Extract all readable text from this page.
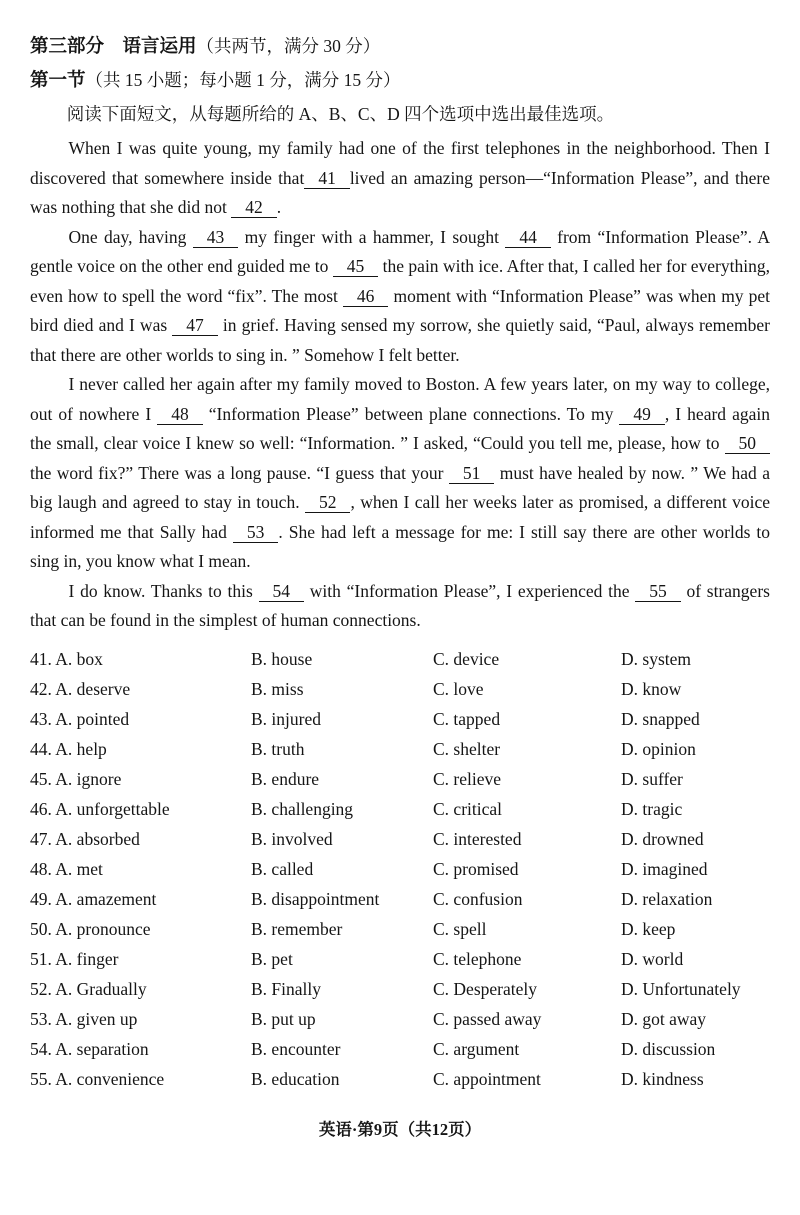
第三部分　语言运用（共两节，满分 30 分）
第一节（共 15 小题；每小题 1 分，满分 15 分）

阅读下面短文，从每题所给的 A、B、C、D 四个选项中选出最佳选项。

When I was quite young, my family had one of the first telephones in the neighborhood. Then I discovered that somewhere inside that 41 lived an amazing person—“Information Please”, and there was nothing that she did not 42 .

One day, having 43 my finger with a hammer, I sought 44 from “Information Please”. A gentle voice on the other end guided me to 45 the pain with ice. After that, I called her for everything, even how to spell the word “fix”. The most 46 moment with “Information Please” was when my pet bird died and I was 47 in grief. Having sensed my sorrow, she quietly said, “Paul, always remember that there are other worlds to sing in. ” Somehow I felt better.

I never called her again after my family moved to Boston. A few years later, on my way to college, out of nowhere I 48 “Information Please” between plane connections. To my 49 , I heard again the small, clear voice I knew so well: “Information. ” I asked, “Could you tell me, please, how to 50 the word fix?” There was a long pause. “I guess that your 51 must have healed by now. ” We had a big laugh and agreed to stay in touch. 52 , when I call her weeks later as promised, a different voice informed me that Sally had 53 . She had left a message for me: I still say there are other worlds to sing in, you know what I mean.

I do know. Thanks to this 54 with “Information Please”, I experienced the 55 of strangers that can be found in the simplest of human connections.

41. A. box	B. house	C. device	D. system
42. A. deserve	B. miss	C. love	D. know
43. A. pointed	B. injured	C. tapped	D. snapped
44. A. help	B. truth	C. shelter	D. opinion
45. A. ignore	B. endure	C. relieve	D. suffer
46. A. unforgettable	B. challenging	C. critical	D. tragic
47. A. absorbed	B. involved	C. interested	D. drowned
48. A. met	B. called	C. promised	D. imagined
49. A. amazement	B. disappointment	C. confusion	D. relaxation
50. A. pronounce	B. remember	C. spell	D. keep
51. A. finger	B. pet	C. telephone	D. world
52. A. Gradually	B. Finally	C. Desperately	D. Unfortunately
53. A. given up	B. put up	C. passed away	D. got away
54. A. separation	B. encounter	C. argument	D. discussion
55. A. convenience	B. education	C. appointment	D. kindness
英语·第9页（共12页）
